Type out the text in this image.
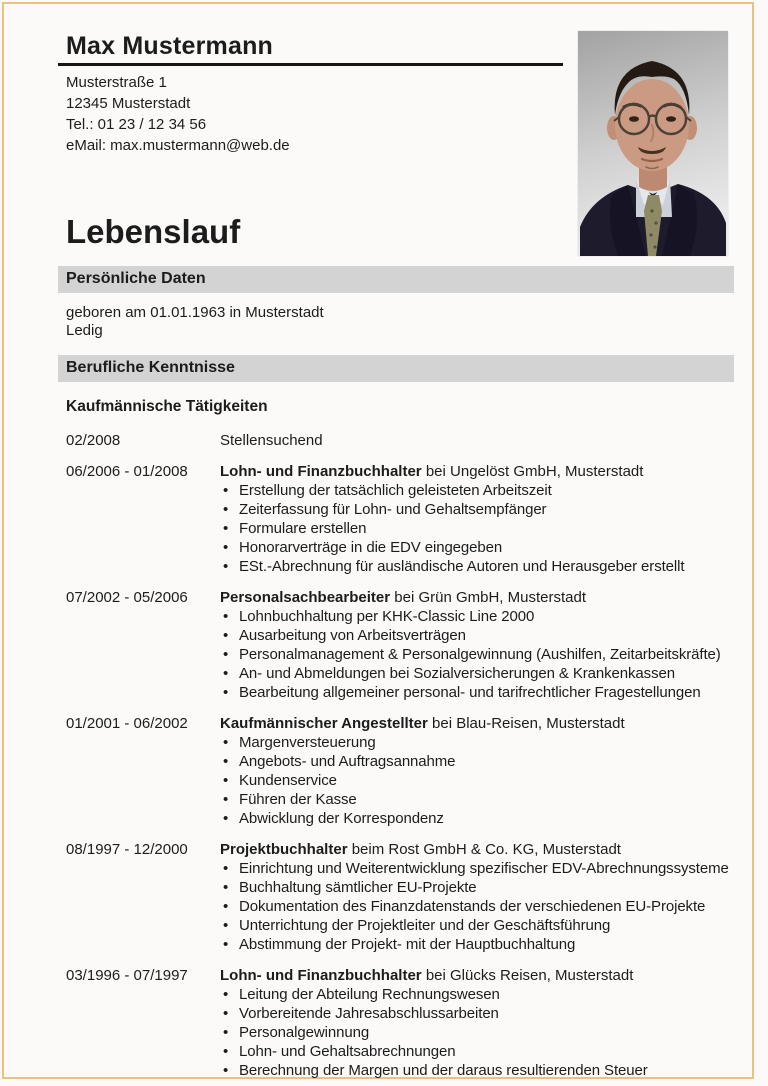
Max Mustermann
Musterstraße 1
12345 Musterstadt
Tel.: 01 23 / 12 34 56
eMail: max.mustermann@web.de
Lebenslauf
Persönliche Daten
geboren am 01.01.1963 in Musterstadt
Ledig
Berufliche Kenntnisse
Kaufmännische Tätigkeiten
02/2008	Stellensuchend
06/2006 - 01/2008	Lohn- und Finanzbuchhalter bei Ungelöst GmbH, Musterstadt
• Erstellung der tatsächlich geleisteten Arbeitszeit
• Zeiterfassung für Lohn- und Gehaltsempfänger
• Formulare erstellen
• Honorarverträge in die EDV eingegeben
• ESt.-Abrechnung für ausländische Autoren und Herausgeber erstellt
07/2002 - 05/2006	Personalsachbearbeiter bei Grün GmbH, Musterstadt
• Lohnbuchhaltung per KHK-Classic Line 2000
• Ausarbeitung von Arbeitsverträgen
• Personalmanagement & Personalgewinnung (Aushilfen, Zeitarbeitskräfte)
• An- und Abmeldungen bei Sozialversicherungen & Krankenkassen
• Bearbeitung allgemeiner personal- und tarifrechtlicher Fragestellungen
01/2001 - 06/2002	Kaufmännischer Angestellter bei Blau-Reisen, Musterstadt
• Margenversteuerung
• Angebots- und Auftragsannahme
• Kundenservice
• Führen der Kasse
• Abwicklung der Korrespondenz
08/1997 - 12/2000	Projektbuchhalter beim Rost GmbH & Co. KG, Musterstadt
• Einrichtung und Weiterentwicklung spezifischer EDV-Abrechnungssysteme
• Buchhaltung sämtlicher EU-Projekte
• Dokumentation des Finanzdatenstands der verschiedenen EU-Projekte
• Unterrichtung der Projektleiter und der Geschäftsführung
• Abstimmung der Projekt- mit der Hauptbuchhaltung
03/1996 - 07/1997	Lohn- und Finanzbuchhalter bei Glücks Reisen, Musterstadt
• Leitung der Abteilung Rechnungswesen
• Vorbereitende Jahresabschlussarbeiten
• Personalgewinnung
• Lohn- und Gehaltsabrechnungen
• Berechnung der Margen und der daraus resultierenden Steuer
